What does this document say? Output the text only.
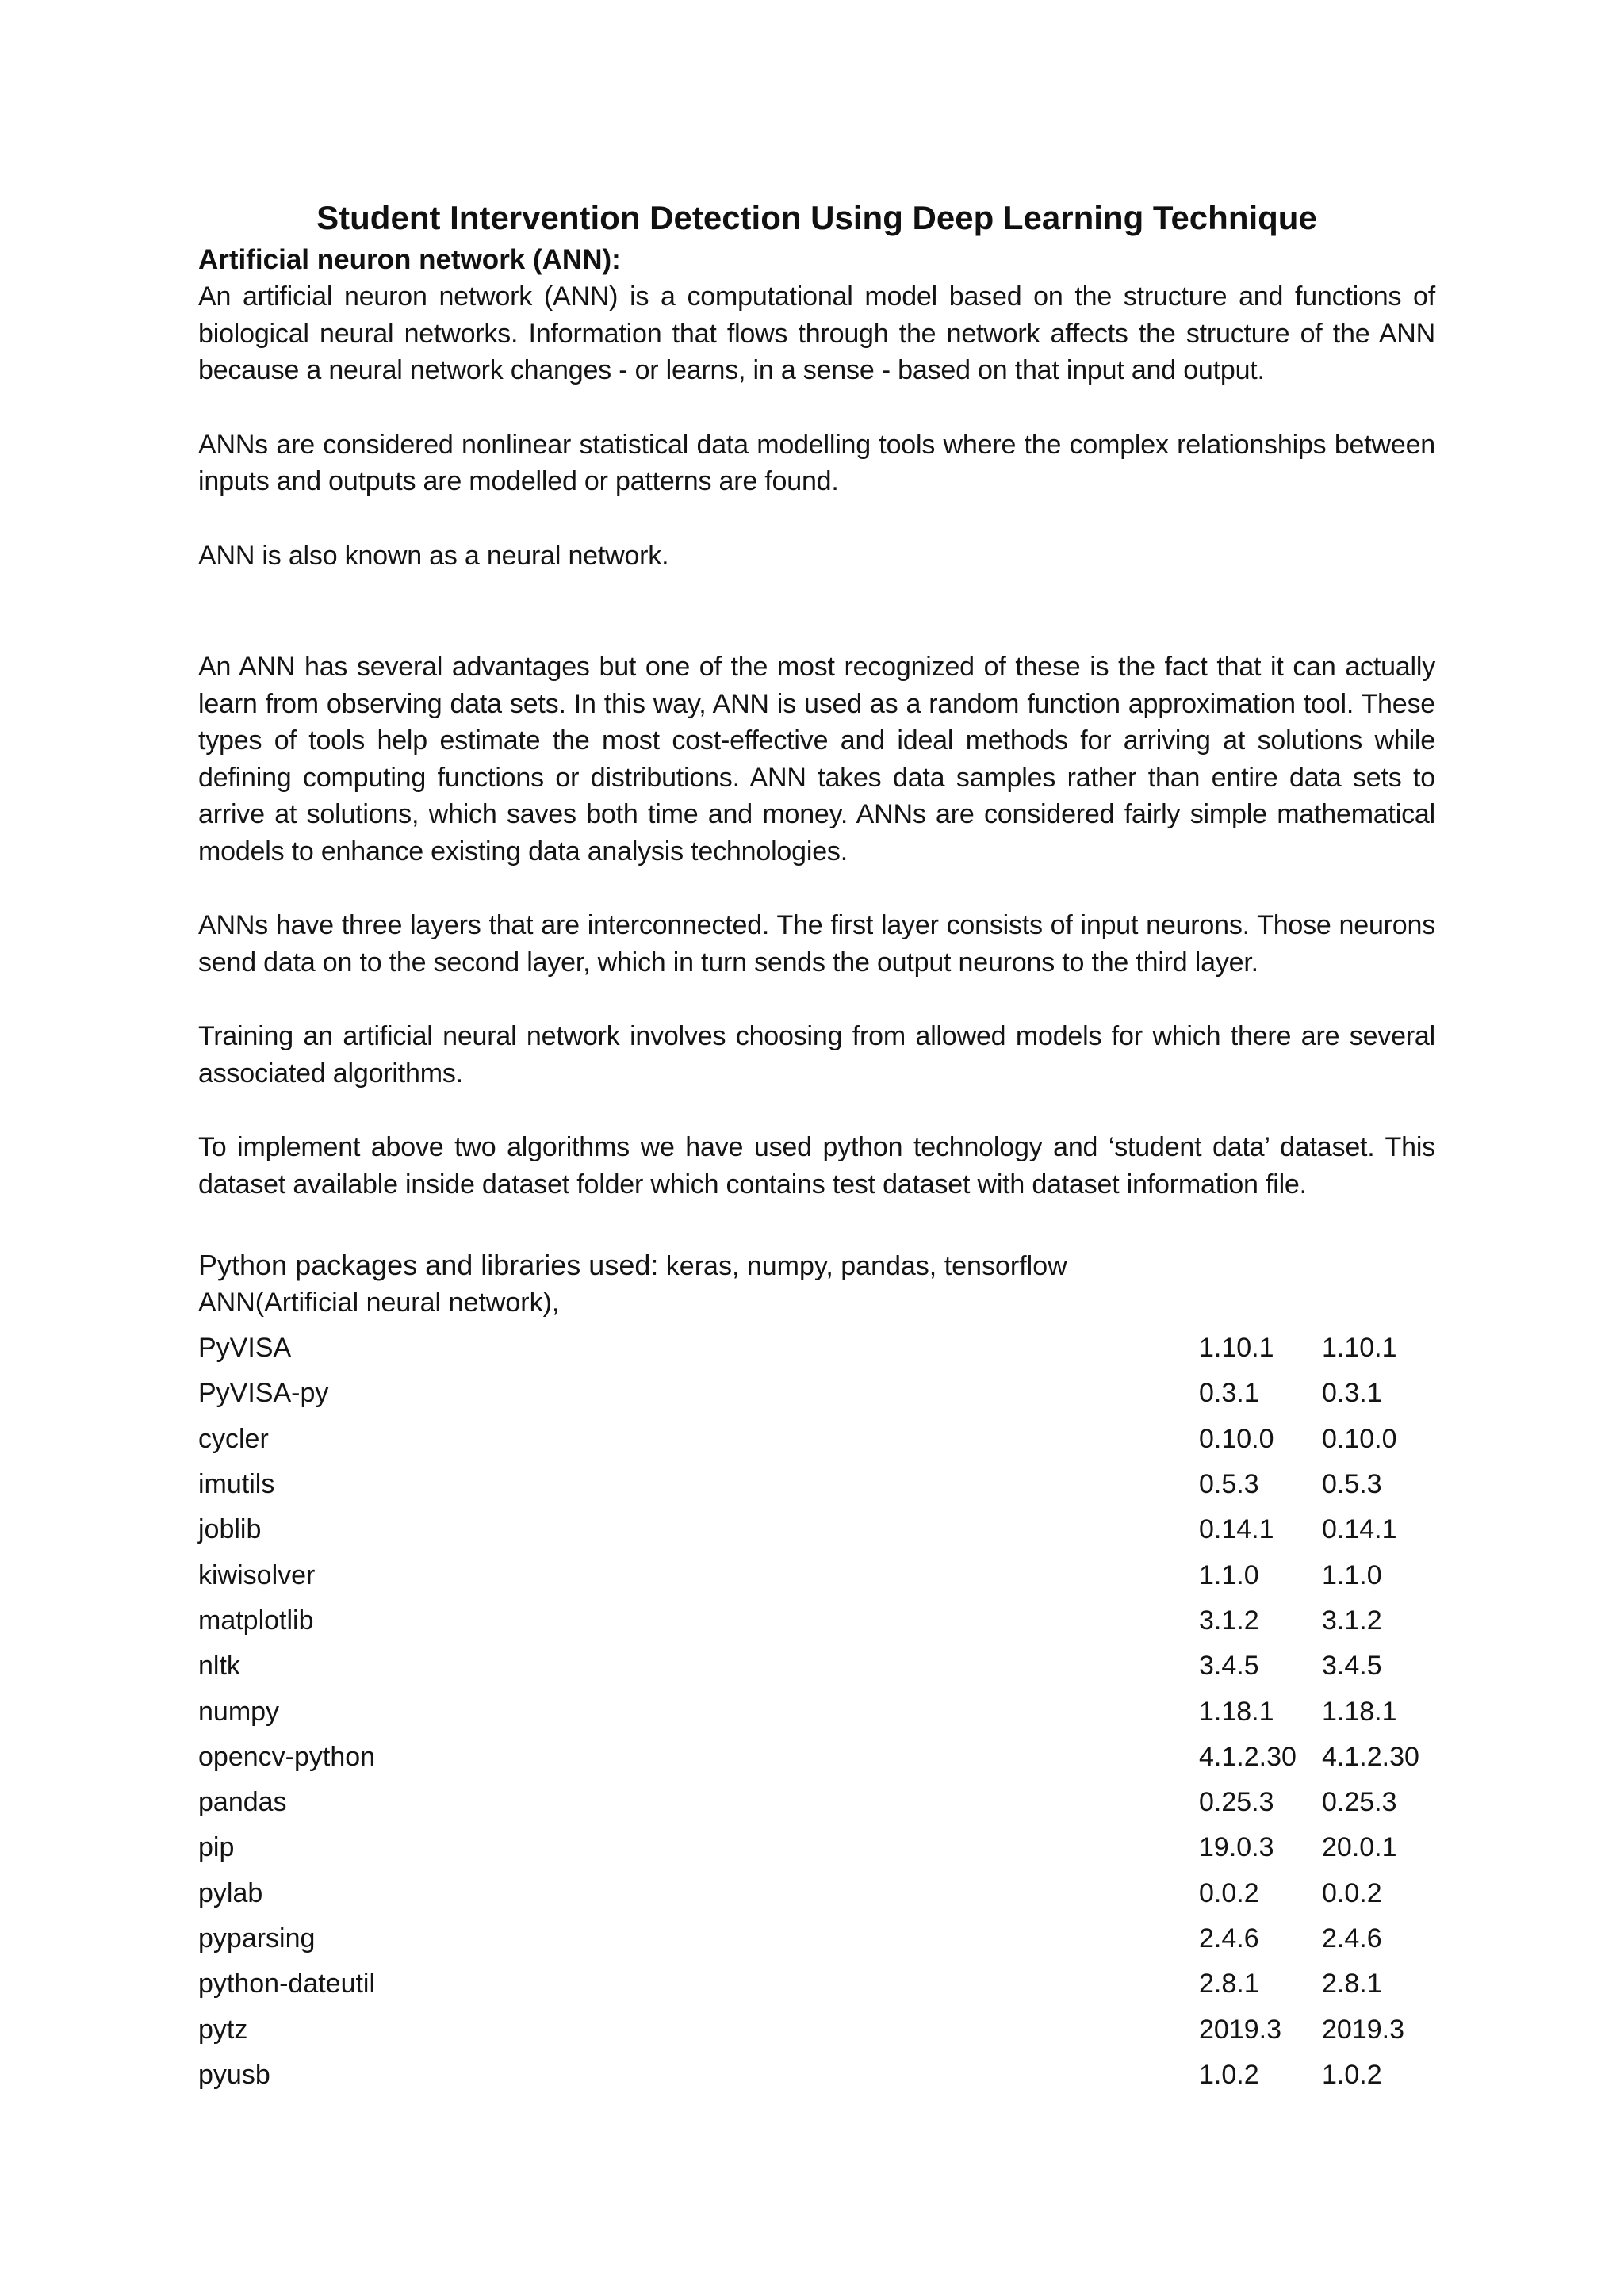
Student Intervention Detection Using Deep Learning Technique
Artificial neuron network (ANN):

An artificial neuron network (ANN) is a computational model based on the structure and functions of biological neural networks. Information that flows through the network affects the structure of the ANN because a neural network changes - or learns, in a sense - based on that input and output.

ANNs are considered nonlinear statistical data modelling tools where the complex relationships between inputs and outputs are modelled or patterns are found.

ANN is also known as a neural network.

An ANN has several advantages but one of the most recognized of these is the fact that it can actually learn from observing data sets. In this way, ANN is used as a random function approximation tool. These types of tools help estimate the most cost-effective and ideal methods for arriving at solutions while defining computing functions or distributions. ANN takes data samples rather than entire data sets to arrive at solutions, which saves both time and money. ANNs are considered fairly simple mathematical models to enhance existing data analysis technologies.

ANNs have three layers that are interconnected. The first layer consists of input neurons. Those neurons send data on to the second layer, which in turn sends the output neurons to the third layer.

Training an artificial neural network involves choosing from allowed models for which there are several associated algorithms.

To implement above two algorithms we have used python technology and ‘student data’ dataset. This dataset available inside dataset folder which contains test dataset with dataset information file.

Python packages and libraries used: keras, numpy, pandas, tensorflow

ANN(Artificial neural network),

PyVISA	1.10.1	1.10.1
PyVISA-py	0.3.1	0.3.1
cycler	0.10.0	0.10.0
imutils	0.5.3	0.5.3
joblib	0.14.1	0.14.1
kiwisolver	1.1.0	1.1.0
matplotlib	3.1.2	3.1.2
nltk	3.4.5	3.4.5
numpy	1.18.1	1.18.1
opencv-python	4.1.2.30 4.1.2.30
pandas	0.25.3	0.25.3
pip	19.0.3	20.0.1
pylab	0.0.2	0.0.2
pyparsing	2.4.6	2.4.6
python-dateutil	2.8.1	2.8.1
pytz	2019.3	2019.3
pyusb	1.0.2	1.0.2
